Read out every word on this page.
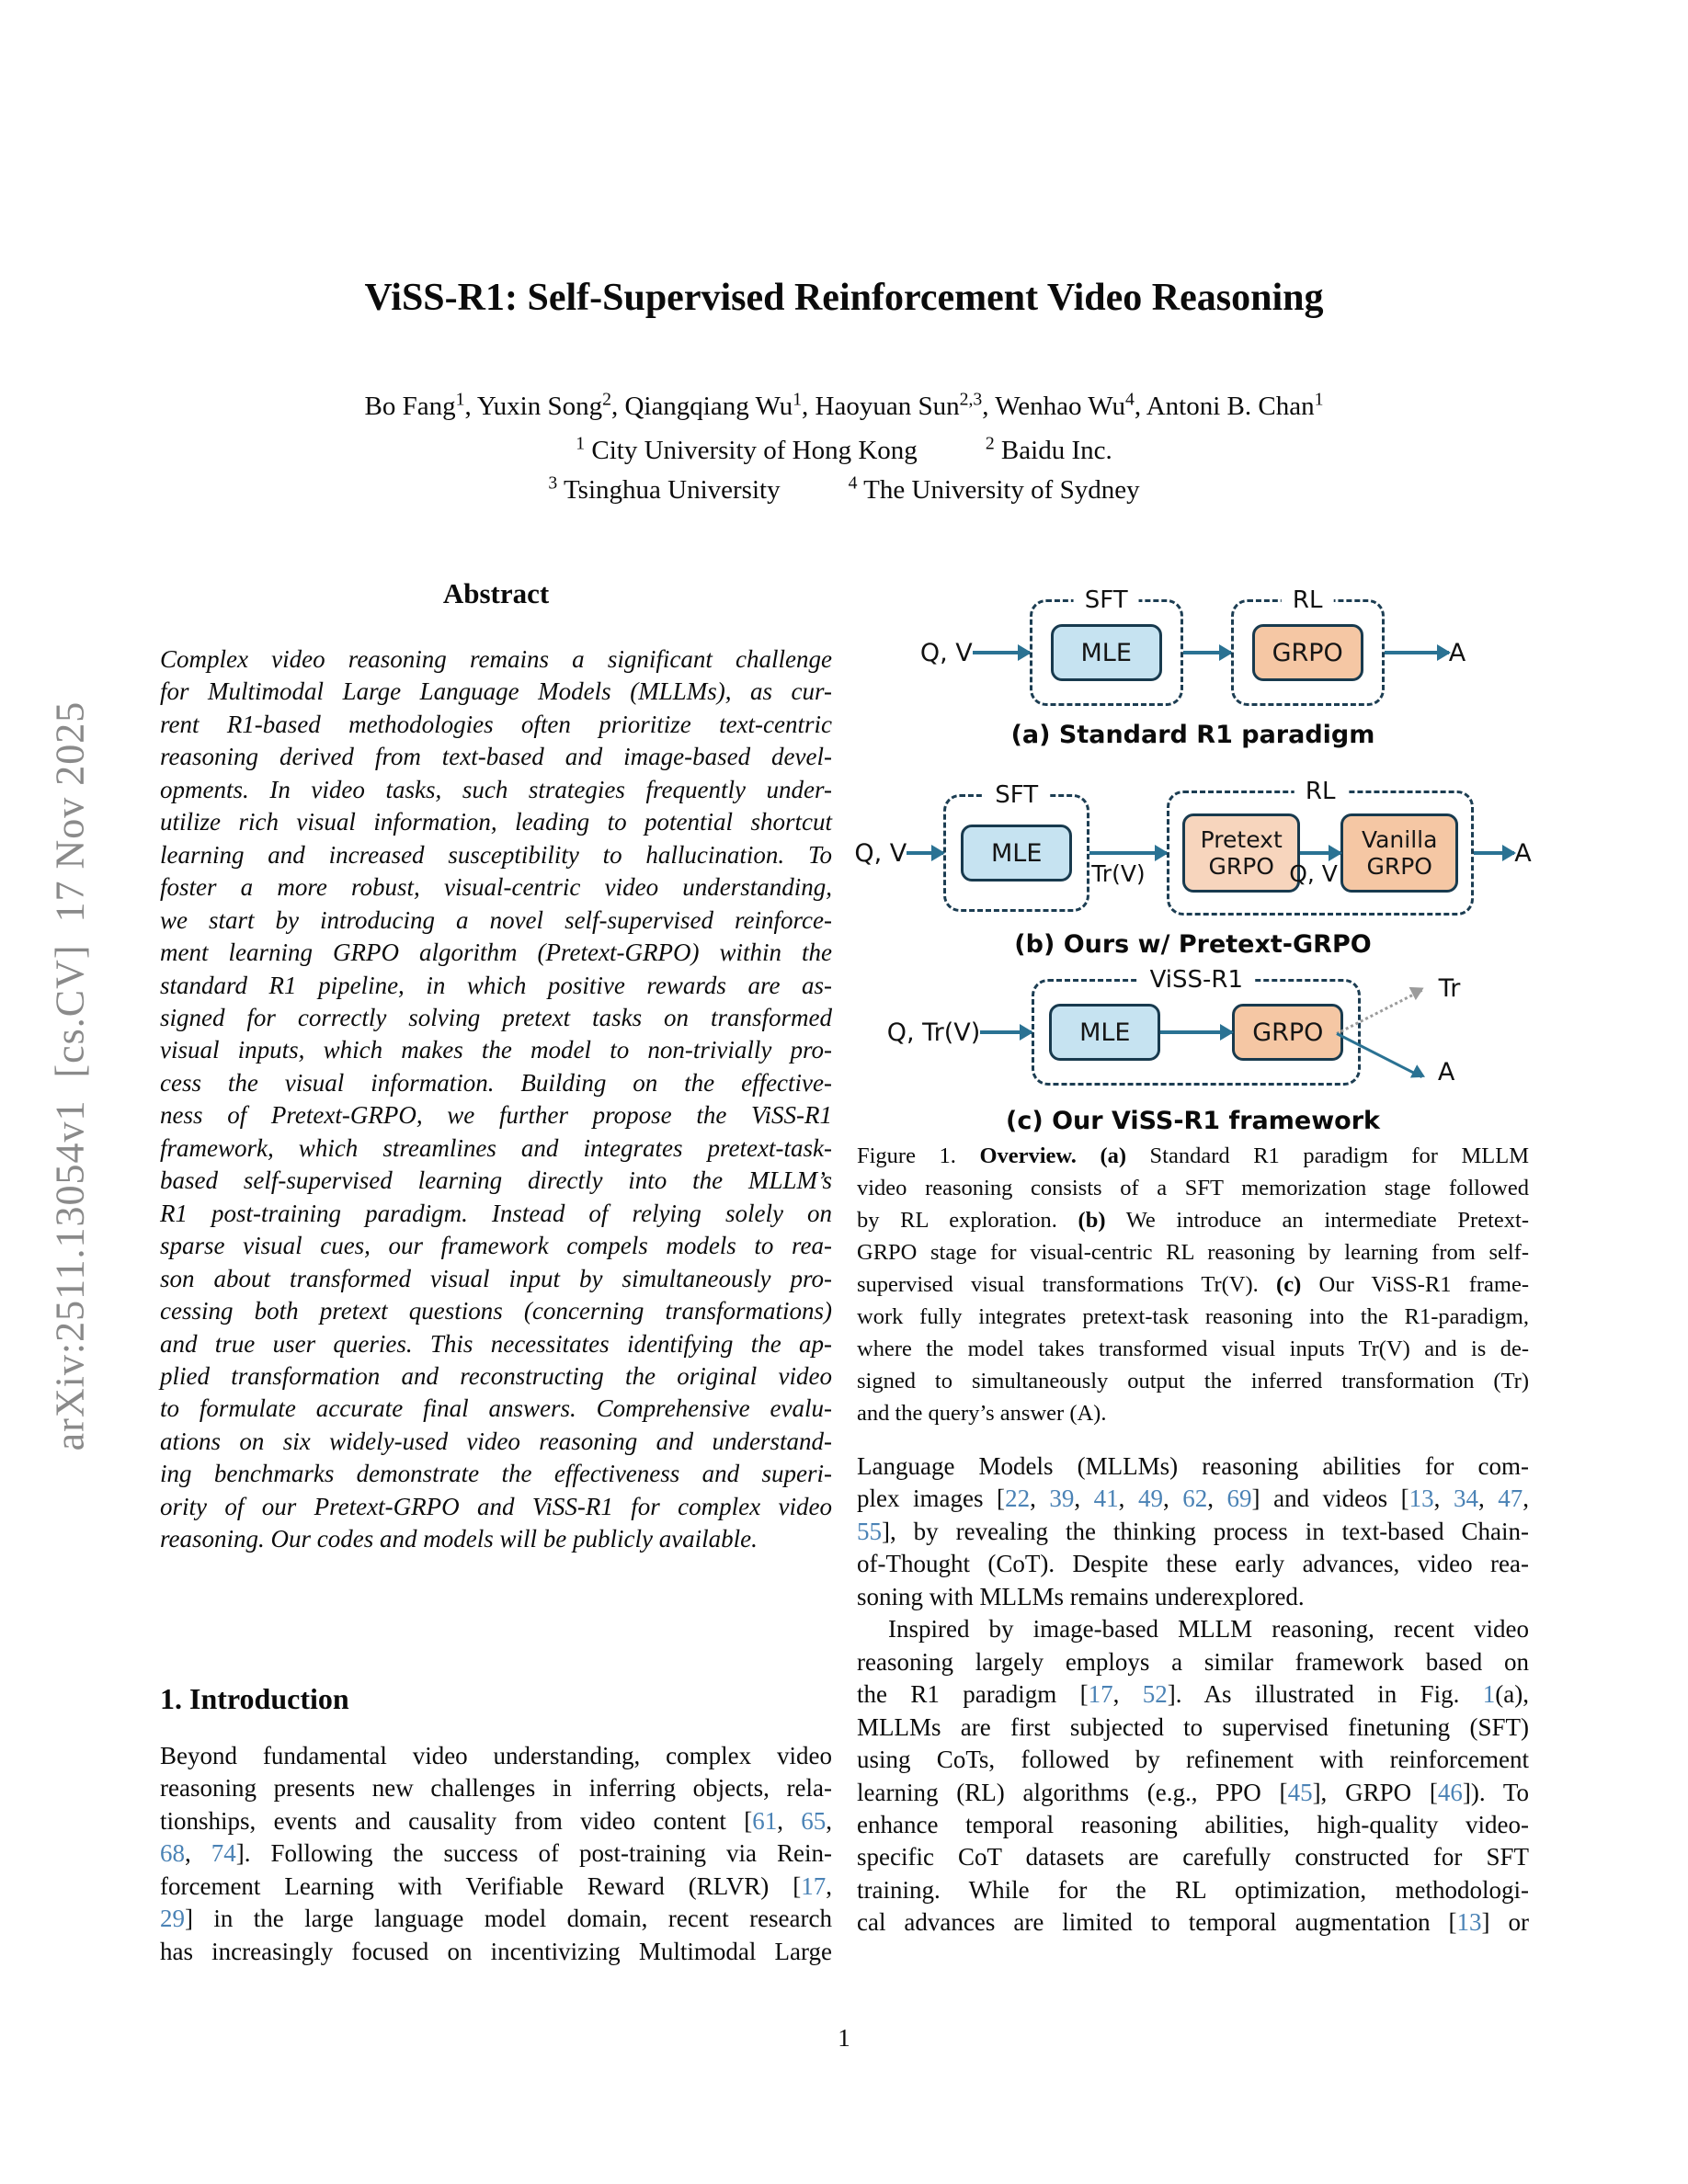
arXiv:2511.13054v1  [cs.CV]  17 Nov 2025
ViSS-R1: Self-Supervised Reinforcement Video Reasoning
Bo Fang$^1$, Yuxin Song$^2$, Qiangqiang Wu$^1$, Haoyuan Sun$^{2,3}$, Wenhao Wu$^4$, Antoni B. Chan$^1$
$^1$ City University of Hong Kong	$^2$ Baidu Inc.
$^3$ Tsinghua University	$^4$ The University of Sydney
Abstract
Complex video reasoning remains a significant challenge
for Multimodal Large Language Models (MLLMs), as cur-
rent R1-based methodologies often prioritize text-centric
reasoning derived from text-based and image-based devel-
opments. In video tasks, such strategies frequently under-
utilize rich visual information, leading to potential shortcut
learning and increased susceptibility to hallucination. To
foster a more robust, visual-centric video understanding,
we start by introducing a novel self-supervised reinforce-
ment learning GRPO algorithm (Pretext-GRPO) within the
standard R1 pipeline, in which positive rewards are as-
signed for correctly solving pretext tasks on transformed
visual inputs, which makes the model to non-trivially pro-
cess the visual information. Building on the effective-
ness of Pretext-GRPO, we further propose the ViSS-R1
framework, which streamlines and integrates pretext-task-
based self-supervised learning directly into the MLLM’s
R1 post-training paradigm. Instead of relying solely on
sparse visual cues, our framework compels models to rea-
son about transformed visual input by simultaneously pro-
cessing both pretext questions (concerning transformations)
and true user queries. This necessitates identifying the ap-
plied transformation and reconstructing the original video
to formulate accurate final answers. Comprehensive evalu-
ations on six widely-used video reasoning and understand-
ing benchmarks demonstrate the effectiveness and superi-
ority of our Pretext-GRPO and ViSS-R1 for complex video
reasoning. Our codes and models will be publicly available.
1. Introduction
Beyond fundamental video understanding, complex video
reasoning presents new challenges in inferring objects, rela-
tionships, events and causality from video content [61, 65,
68, 74]. Following the success of post-training via Rein-
forcement Learning with Verifiable Reward (RLVR) [17,
29] in the large language model domain, recent research
has increasingly focused on incentivizing Multimodal Large
Q, V
SFT
MLE
RL
GRPO	A
(a) Standard R1 paradigm
Q, V
SFT
MLE
Tr(V)
RL
Pretext
GRPO Q, V
Vanilla
GRPO	A
(b) Ours w/ Pretext-GRPO
Q, Tr(V)
ViSS-R1
MLE	GRPO
Tr
A
(c) Our ViSS-R1 framework
Figure 1. Overview. (a) Standard R1 paradigm for MLLM
video reasoning consists of a SFT memorization stage followed
by RL exploration. (b) We introduce an intermediate Pretext-
GRPO stage for visual-centric RL reasoning by learning from self-
supervised visual transformations Tr(V). (c) Our ViSS-R1 frame-
work fully integrates pretext-task reasoning into the R1-paradigm,
where the model takes transformed visual inputs Tr(V) and is de-
signed to simultaneously output the inferred transformation (Tr)
and the query’s answer (A).
Language Models (MLLMs) reasoning abilities for com-
plex images [22, 39, 41, 49, 62, 69] and videos [13, 34, 47,
55], by revealing the thinking process in text-based Chain-
of-Thought (CoT). Despite these early advances, video rea-
soning with MLLMs remains underexplored.
Inspired by image-based MLLM reasoning, recent video
reasoning largely employs a similar framework based on
the R1 paradigm [17, 52]. As illustrated in Fig. 1(a),
MLLMs are first subjected to supervised finetuning (SFT)
using CoTs, followed by refinement with reinforcement
learning (RL) algorithms (e.g., PPO [45], GRPO [46]). To
enhance temporal reasoning abilities, high-quality video-
specific CoT datasets are carefully constructed for SFT
training. While for the RL optimization, methodologi-
cal advances are limited to temporal augmentation [13] or
1
